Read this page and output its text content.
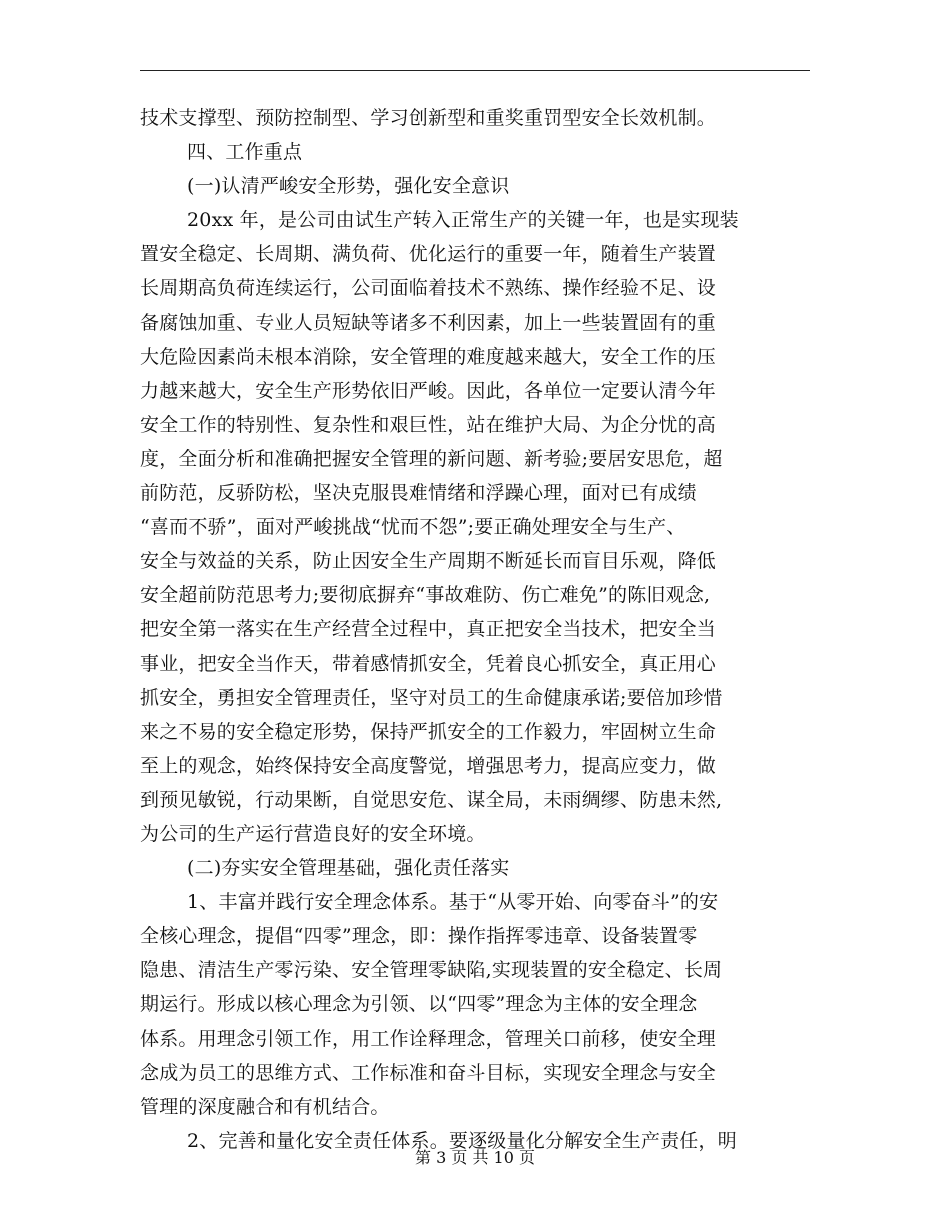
技术支撑型、预防控制型、学习创新型和重奖重罚型安全长效机制。
四、工作重点
(一)认清严峻安全形势，强化安全意识
20xx 年，是公司由试生产转入正常生产的关键一年，也是实现装
置安全稳定、长周期、满负荷、优化运行的重要一年，随着生产装置
长周期高负荷连续运行，公司面临着技术不熟练、操作经验不足、设
备腐蚀加重、专业人员短缺等诸多不利因素，加上一些装置固有的重
大危险因素尚未根本消除，安全管理的难度越来越大，安全工作的压
力越来越大，安全生产形势依旧严峻。因此，各单位一定要认清今年
安全工作的特别性、复杂性和艰巨性，站在维护大局、为企分忧的高
度，全面分析和准确把握安全管理的新问题、新考验;要居安思危，超
前防范，反骄防松，坚决克服畏难情绪和浮躁心理，面对已有成绩
“喜而不骄”，面对严峻挑战“忧而不怨”;要正确处理安全与生产、
安全与效益的关系，防止因安全生产周期不断延长而盲目乐观，降低
安全超前防范思考力;要彻底摒弃“事故难防、伤亡难免”的陈旧观念,
把安全第一落实在生产经营全过程中，真正把安全当技术，把安全当
事业，把安全当作天，带着感情抓安全，凭着良心抓安全，真正用心
抓安全，勇担安全管理责任，坚守对员工的生命健康承诺;要倍加珍惜
来之不易的安全稳定形势，保持严抓安全的工作毅力，牢固树立生命
至上的观念，始终保持安全高度警觉，增强思考力，提高应变力，做
到预见敏锐，行动果断，自觉思安危、谋全局，未雨绸缪、防患未然,
为公司的生产运行营造良好的安全环境。
(二)夯实安全管理基础，强化责任落实
1、丰富并践行安全理念体系。基于“从零开始、向零奋斗”的安
全核心理念，提倡“四零”理念，即：操作指挥零违章、设备装置零
隐患、清洁生产零污染、安全管理零缺陷,实现装置的安全稳定、长周
期运行。形成以核心理念为引领、以“四零”理念为主体的安全理念
体系。用理念引领工作，用工作诠释理念，管理关口前移，使安全理
念成为员工的思维方式、工作标准和奋斗目标，实现安全理念与安全
管理的深度融合和有机结合。
2、完善和量化安全责任体系。要逐级量化分解安全生产责任，明
第 3 页 共 10 页
